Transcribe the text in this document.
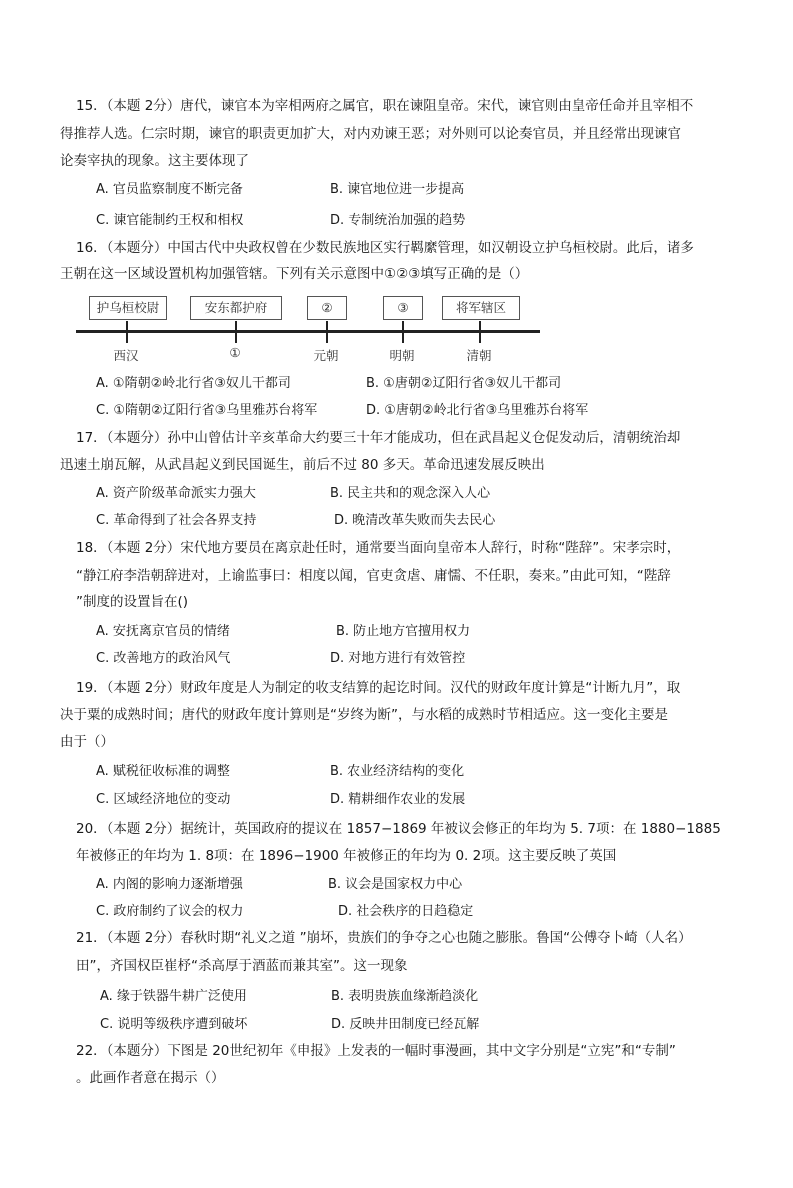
15．（本题 2分）唐代，谏官本为宰相两府之属官，职在谏阻皇帝。宋代，谏官则由皇帝任命并且宰相不
得推荐人选。仁宗时期，谏官的职责更加扩大，对内劝谏王恶；对外则可以论奏官员，并且经常出现谏官
论奏宰执的现象。这主要体现了
A. 官员监察制度不断完备	B. 谏官地位进一步提高
C. 谏官能制约王权和相权	D. 专制统治加强的趋势
16．（本题分）中国古代中央政权曾在少数民族地区实行羁縻管理，如汉朝设立护乌桓校尉。此后，诸多
王朝在这一区域设置机构加强管辖。下列有关示意图中①②③填写正确的是（）
护乌桓校尉	安东都护府	②	③	将军辖区
西汉	①	元朝	明朝	清朝
A. ①隋朝②岭北行省③奴儿干都司	B. ①唐朝②辽阳行省③奴儿干都司
C. ①隋朝②辽阳行省③乌里雅苏台将军	D. ①唐朝②岭北行省③乌里雅苏台将军
17．（本题分）孙中山曾估计辛亥革命大约要三十年才能成功，但在武昌起义仓促发动后，清朝统治却
迅速土崩瓦解，从武昌起义到民国诞生，前后不过 80 多天。革命迅速发展反映出
A. 资产阶级革命派实力强大	B. 民主共和的观念深入人心
C. 革命得到了社会各界支持	D. 晚清改革失败而失去民心
18．（本题 2分）宋代地方要员在离京赴任时，通常要当面向皇帝本人辞行，时称“陛辞”。宋孝宗时，
“静江府李浩朝辞进对，上谕监事曰：相度以闻，官吏贪虐、庸懦、不任职，奏来。”由此可知，“陛辞
”制度的设置旨在()
A. 安抚离京官员的情绪	B. 防止地方官擅用权力
C. 改善地方的政治风气	D. 对地方进行有效管控
19．（本题 2分）财政年度是人为制定的收支结算的起讫时间。汉代的财政年度计算是“计断九月”，取
决于粟的成熟时间；唐代的财政年度计算则是“岁终为断”，与水稻的成熟时节相适应。这一变化主要是
由于（）
A. 赋税征收标准的调整	B. 农业经济结构的变化
C. 区域经济地位的变动	D. 精耕细作农业的发展
20．（本题 2分）据统计，英国政府的提议在 1857−1869 年被议会修正的年均为 5. 7项：在 1880−1885
年被修正的年均为 1. 8项：在 1896−1900 年被修正的年均为 0. 2项。这主要反映了英国
A. 内阁的影响力逐渐增强	B. 议会是国家权力中心
C. 政府制约了议会的权力	D. 社会秩序的日趋稳定
21．（本题 2分）春秋时期“礼义之道 ”崩坏，贵族们的争夺之心也随之膨胀。鲁国“公傅夺卜崎（人名）
田”，齐国权臣崔杼“杀高厚于酒蓝而兼其室”。这一现象
A. 缘于铁器牛耕广泛使用	B. 表明贵族血缘渐趋淡化
C. 说明等级秩序遭到破坏	D. 反映井田制度已经瓦解
22．（本题分）下图是 20世纪初年《申报》上发表的一幅时事漫画，其中文字分别是“立宪”和“专制”
。此画作者意在揭示（）
